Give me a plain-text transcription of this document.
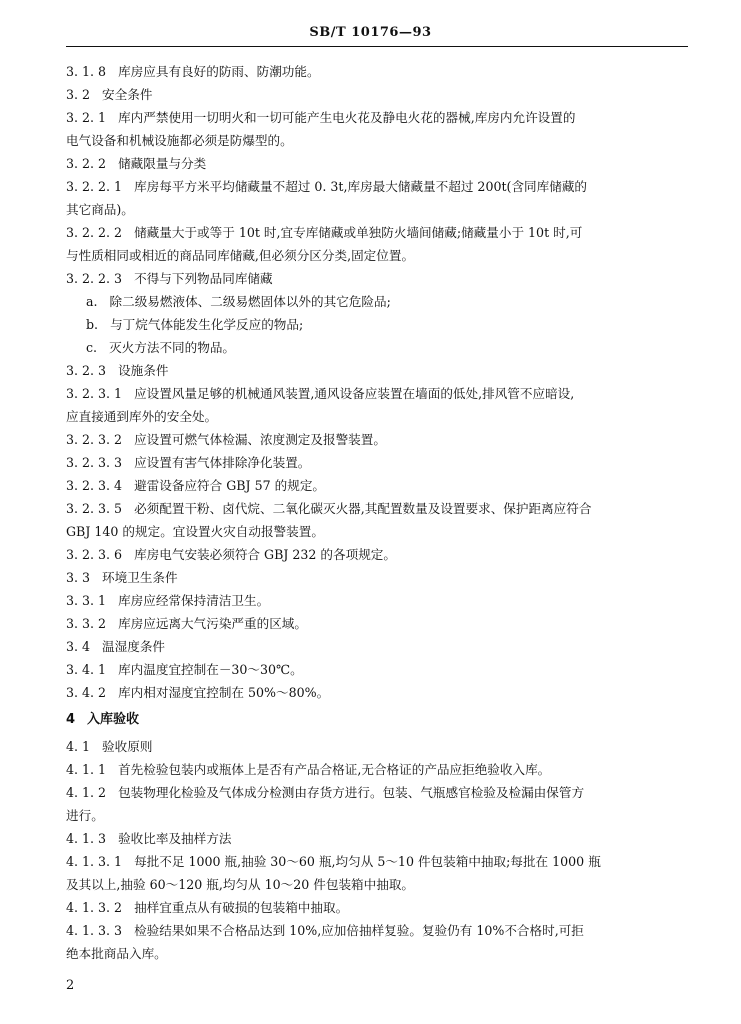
SB/T 10176—93
3. 1. 8 库房应具有良好的防雨、防潮功能。
3. 2 安全条件
3. 2. 1 库内严禁使用一切明火和一切可能产生电火花及静电火花的器械,库房内允许设置的
电气设备和机械设施都必须是防爆型的。
3. 2. 2 储藏限量与分类
3. 2. 2. 1 库房每平方米平均储藏量不超过 0. 3t,库房最大储藏量不超过 200t(含同库储藏的
其它商品)。
3. 2. 2. 2 储藏量大于或等于 10t 时,宜专库储藏或单独防火墙间储藏;储藏量小于 10t 时,可
与性质相同或相近的商品同库储藏,但必须分区分类,固定位置。
3. 2. 2. 3 不得与下列物品同库储藏
a. 除二级易燃液体、二级易燃固体以外的其它危险品;
b. 与丁烷气体能发生化学反应的物品;
c. 灭火方法不同的物品。
3. 2. 3 设施条件
3. 2. 3. 1 应设置风量足够的机械通风装置,通风设备应装置在墙面的低处,排风管不应暗设,
应直接通到库外的安全处。
3. 2. 3. 2 应设置可燃气体检漏、浓度测定及报警装置。
3. 2. 3. 3 应设置有害气体排除净化装置。
3. 2. 3. 4 避雷设备应符合 GBJ 57 的规定。
3. 2. 3. 5 必须配置干粉、卤代烷、二氧化碳灭火器,其配置数量及设置要求、保护距离应符合
GBJ 140 的规定。宜设置火灾自动报警装置。
3. 2. 3. 6 库房电气安装必须符合 GBJ 232 的各项规定。
3. 3 环境卫生条件
3. 3. 1 库房应经常保持清洁卫生。
3. 3. 2 库房应远离大气污染严重的区域。
3. 4 温湿度条件
3. 4. 1 库内温度宜控制在－30～30℃。
3. 4. 2 库内相对湿度宜控制在 50%～80%。
4 入库验收
4. 1 验收原则
4. 1. 1 首先检验包装内或瓶体上是否有产品合格证,无合格证的产品应拒绝验收入库。
4. 1. 2 包装物理化检验及气体成分检测由存货方进行。包装、气瓶感官检验及检漏由保管方
进行。
4. 1. 3 验收比率及抽样方法
4. 1. 3. 1 每批不足 1000 瓶,抽验 30～60 瓶,均匀从 5～10 件包装箱中抽取;每批在 1000 瓶
及其以上,抽验 60～120 瓶,均匀从 10～20 件包装箱中抽取。
4. 1. 3. 2 抽样宜重点从有破损的包装箱中抽取。
4. 1. 3. 3 检验结果如果不合格品达到 10%,应加倍抽样复验。复验仍有 10%不合格时,可拒
绝本批商品入库。
2
